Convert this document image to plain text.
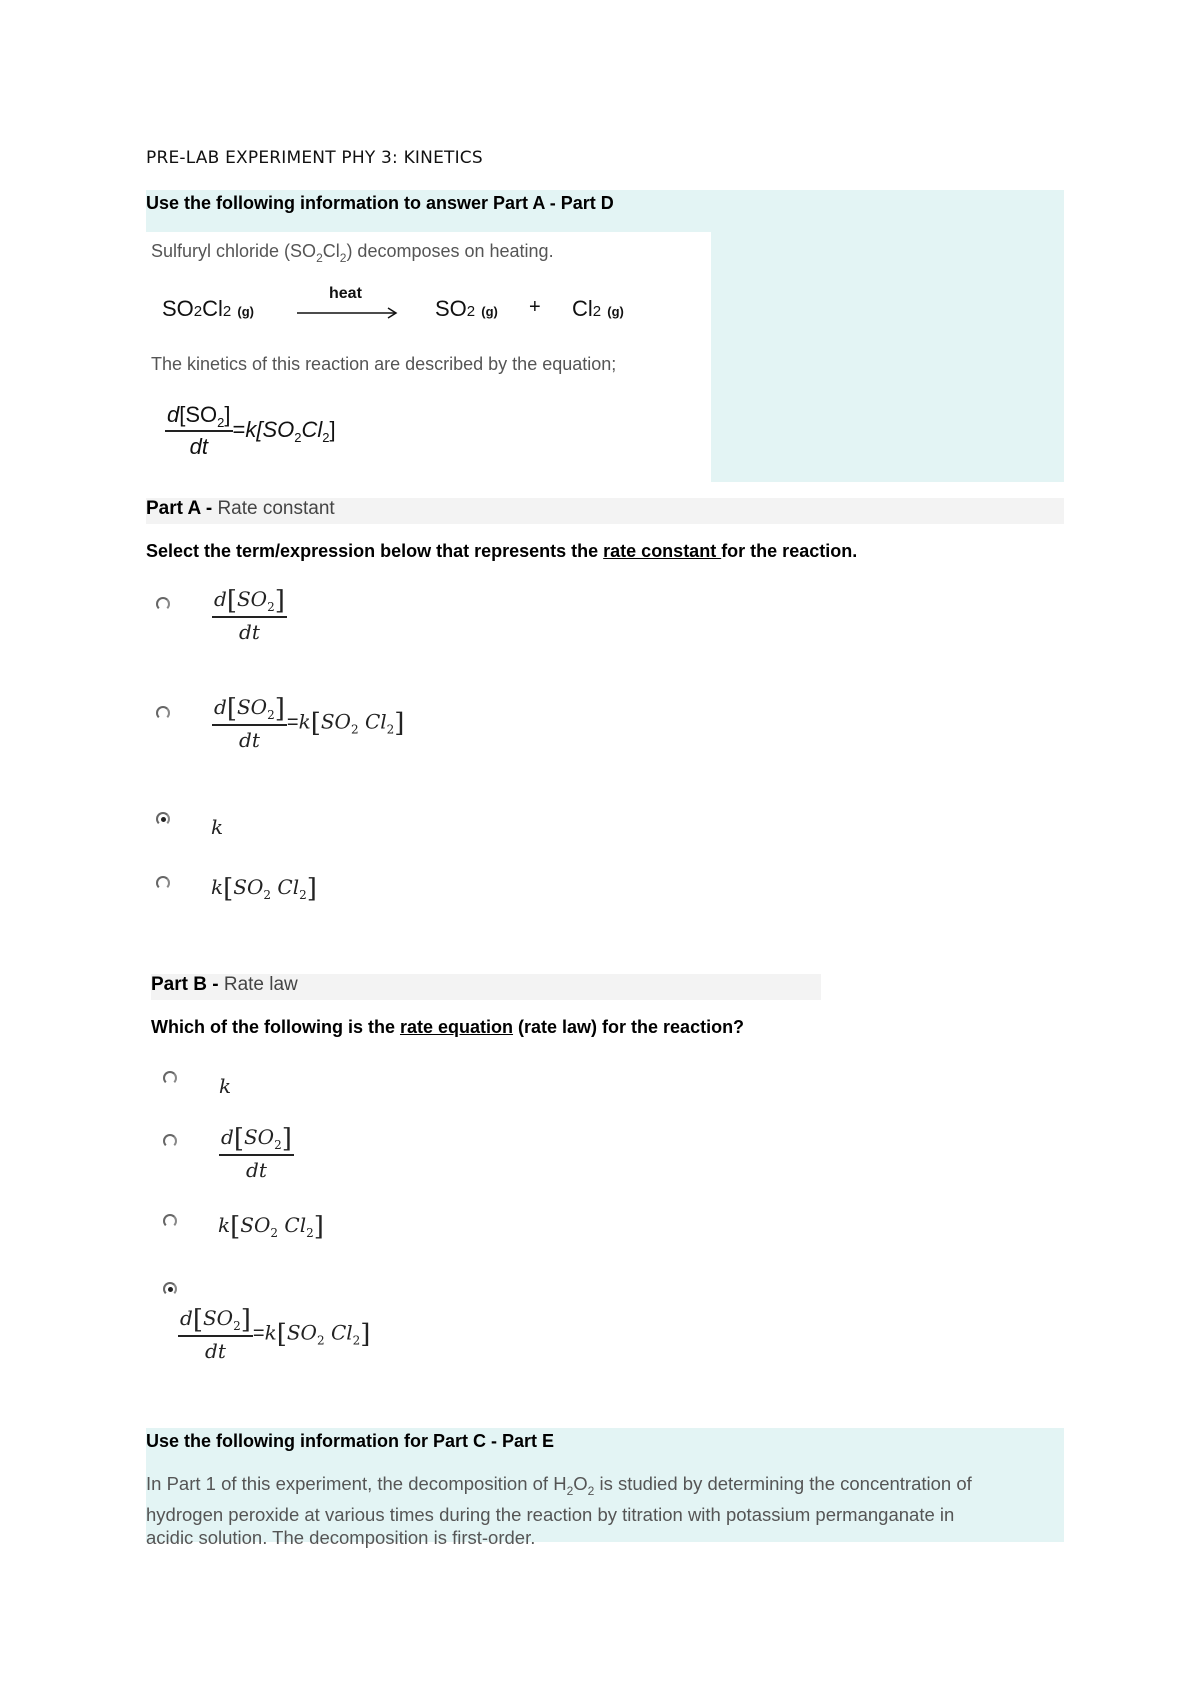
PRE-LAB EXPERIMENT PHY 3: KINETICS
Use the following information to answer Part A - Part D
Sulfuryl chloride $(SO_2Cl_2)$ decomposes on heating.
SO2Cl2 (g)
heat
SO2 (g) + Cl2 (g)
The kinetics of this reaction are described by the equation;
$\frac{d[SO_2]}{dt} =k[SO_2Cl_2]$
Part A - Rate constant
Select the term/expression below that represents the rate constant for the reaction.
$\frac{d[SO_2]}{dt}$
$\frac{d[SO_2]}{dt} =k[SO_2$ $Cl_2$]
k
$k[SO_2$ $Cl_2$]
Part B - Rate law
Which of the following is the rate equation (rate law) for the reaction?
k
$\frac{d[SO_2]}{dt}$
$k[SO_2$ $Cl_2$]
$\frac{d[SO_2]}{dt} =k[SO_2$ $Cl_2$]
Use the following information for Part C - Part E
In Part 1 of this experiment, the decomposition of $H_2O_2$ is studied by determining the concentration of
hydrogen peroxide at various times during the reaction by titration with potassium permanganate in
acidic solution. The decomposition is first-order.
